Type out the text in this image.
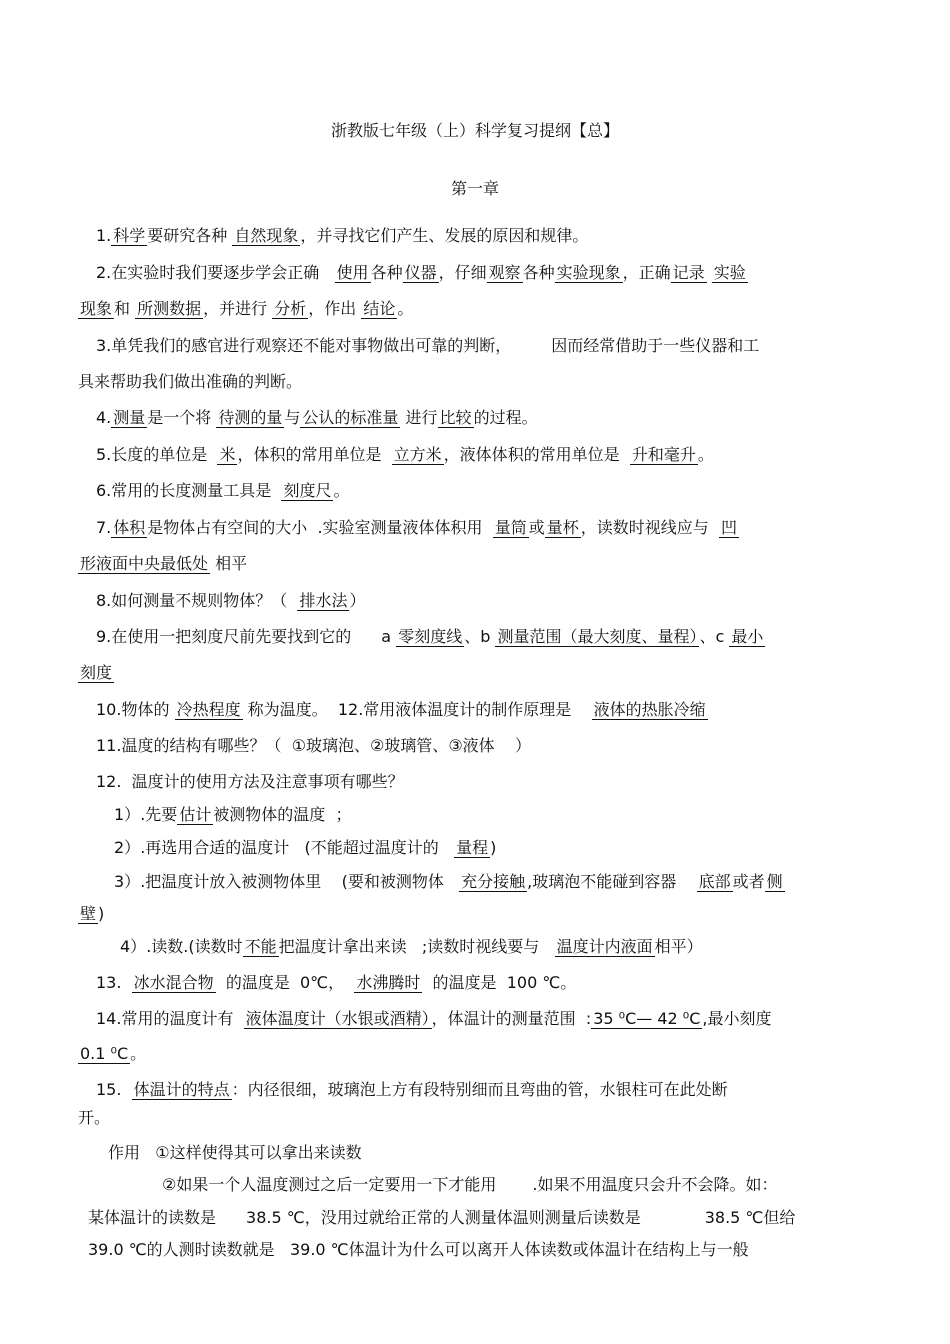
浙教版七年级（上）科学复习提纲【总】
第一章
1. 科学 要研究各种 自然现象 ，并寻找它们产生、发展的原因和规律。
2.在实验时我们要逐步学会正确 使用 各种 仪器 ，仔细 观察 各种 实验现象 ，正确 记录 实验
现象 和 所测数据 ，并进行 分析 ，作出 结论 。
3.单凭我们的感官进行观察还不能对事物做出可靠的判断，	因而经常借助于一些仪器和工
具来帮助我们做出准确的判断。
4. 测量 是一个将 待测的量 与 公认的标准量 进行 比较 的过程。
5.长度的单位是 米 ，体积的常用单位是 立方米 ，液体体积的常用单位是 升和毫升 。
6.常用的长度测量工具是 刻度尺 。
7. 体积 是物体占有空间的大小 .实验室测量液体体积用 量筒 或 量杯 ，读数时视线应与 凹
形液面中央最低处 相平
8.如何测量不规则物体？（ 排水法 ）
9.在使用一把刻度尺前先要找到它的 a 零刻度线 、b 测量范围（最大刻度、量程） 、c 最小
刻度
10.物体的 冷热程度 称为温度。 12.常用液体温度计的制作原理是 液体的热胀冷缩
11.温度的结构有哪些？（ ①玻璃泡、②玻璃管、③液体 ）
12. 温度计的使用方法及注意事项有哪些？
1）.先要 估计 被测物体的温度 ；
2）.再选用合适的温度计 (不能超过温度计的 量程 )
3）.把温度计放入被测物体里 (要和被测物体 充分接触 ,玻璃泡不能碰到容器 底部 或者 侧
壁 )
4）.读数.(读数时 不能 把温度计拿出来读 ;读数时视线要与 温度计内液面 相平）
13. 冰水混合物 的温度是 0℃， 水沸腾时 的温度是 100 ℃。
14.常用的温度计有 液体温度计（水银或酒精） ，体温计的测量范围 : 35 ⁰C— 42 ⁰C ,最小刻度
0.1 ⁰C 。
15. 体温计的特点 ：内径很细，玻璃泡上方有段特别细而且弯曲的管，水银柱可在此处断
开。
作用 ①这样使得其可以拿出来读数
②如果一个人温度测过之后一定要用一下才能用 .如果不用温度只会升不会降。如：
某体温计的读数是 38.5 ℃，没用过就给正常的人测量体温则测量后读数是	38.5 ℃但给
39.0 ℃的人测时读数就是 39.0 ℃体温计为什么可以离开人体读数或体温计在结构上与一般
